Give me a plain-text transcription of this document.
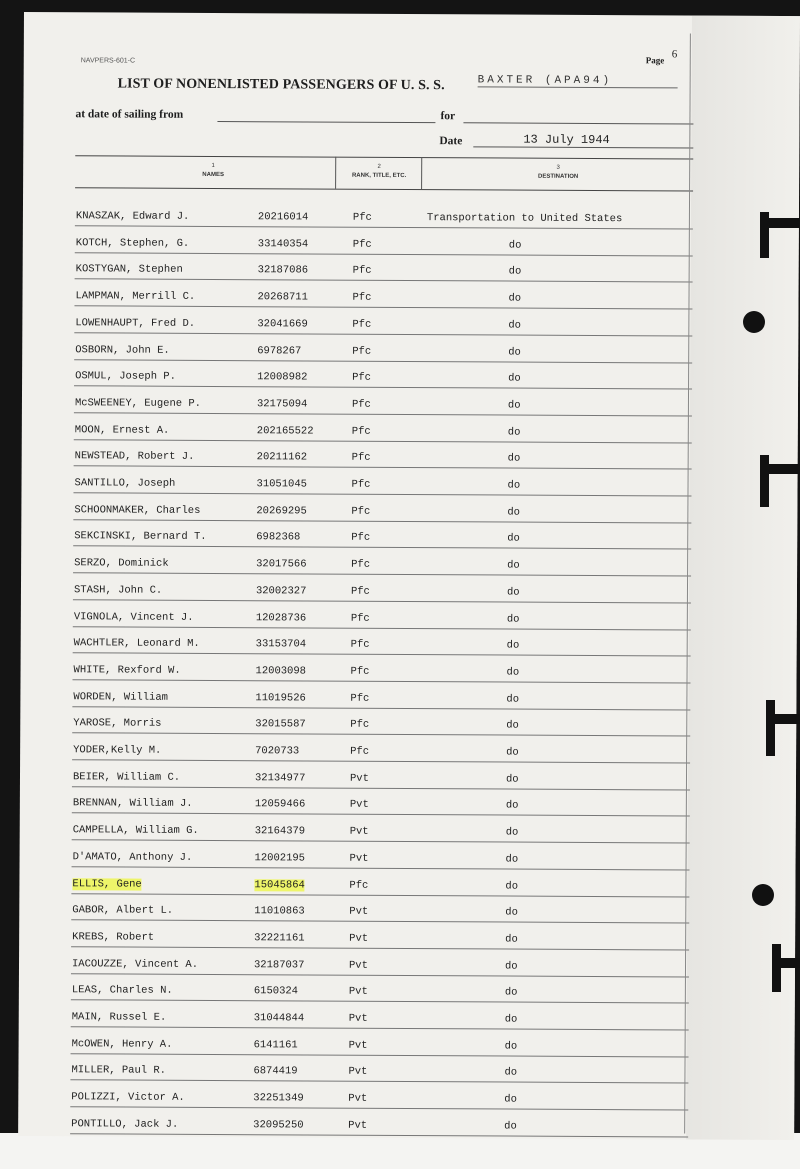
NAVPERS-601-C	Page 6
LIST OF NONENLISTED PASSENGERS OF U. S. S.	BAXTER (APA94)
at date of sailing from	for
Date	13 July 1944
1
NAMES
2
RANK, TITLE, ETC.
3
DESTINATION
KNASZAK, Edward J.	20216014	Pfc	Transportation to United States
KOTCH, Stephen, G.	33140354	Pfc	do
KOSTYGAN, Stephen	32187086	Pfc	do
LAMPMAN, Merrill C.	20268711	Pfc	do
LOWENHAUPT, Fred D.	32041669	Pfc	do
OSBORN, John E.	6978267	Pfc	do
OSMUL, Joseph P.	12008982	Pfc	do
McSWEENEY, Eugene P.	32175094	Pfc	do
MOON, Ernest A.	202165522	Pfc	do
NEWSTEAD, Robert J.	20211162	Pfc	do
SANTILLO, Joseph	31051045	Pfc	do
SCHOONMAKER, Charles	20269295	Pfc	do
SEKCINSKI, Bernard T.	6982368	Pfc	do
SERZO, Dominick	32017566	Pfc	do
STASH, John C.	32002327	Pfc	do
VIGNOLA, Vincent J.	12028736	Pfc	do
WACHTLER, Leonard M.	33153704	Pfc	do
WHITE, Rexford W.	12003098	Pfc	do
WORDEN, William	11019526	Pfc	do
YAROSE, Morris	32015587	Pfc	do
YODER,Kelly M.	7020733	Pfc	do
BEIER, William C.	32134977	Pvt	do
BRENNAN, William J.	12059466	Pvt	do
CAMPELLA, William G.	32164379	Pvt	do
D'AMATO, Anthony J.	12002195	Pvt	do
ELLIS, Gene	15045864	Pfc	do
GABOR, Albert L.	11010863	Pvt	do
KREBS, Robert	32221161	Pvt	do
IACOUZZE, Vincent A.	32187037	Pvt	do
LEAS, Charles N.	6150324	Pvt	do
MAIN, Russel E.	31044844	Pvt	do
McOWEN, Henry A.	6141161	Pvt	do
MILLER, Paul R.	6874419	Pvt	do
POLIZZI, Victor A.	32251349	Pvt	do
PONTILLO, Jack J.	32095250	Pvt	do
